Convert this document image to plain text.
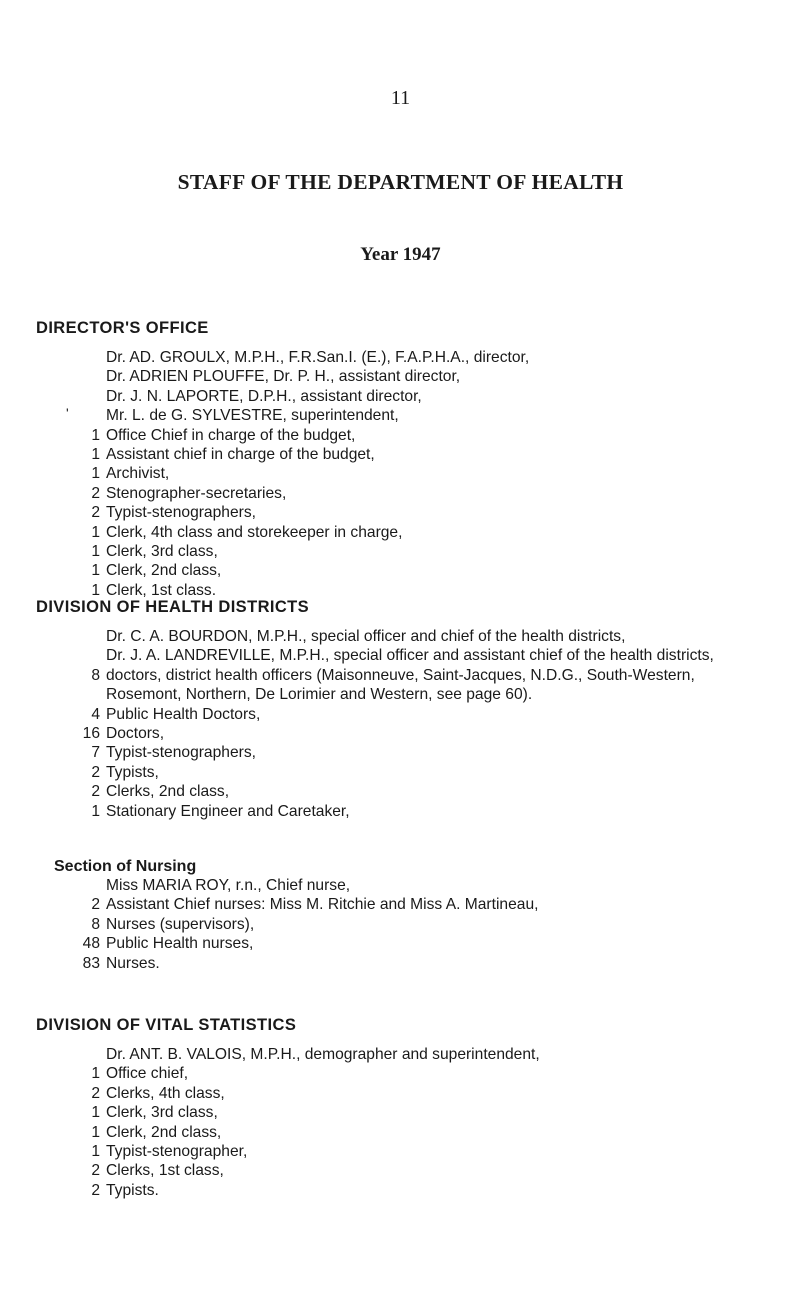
11
STAFF OF THE DEPARTMENT OF HEALTH
Year 1947
DIRECTOR'S OFFICE
Dr. AD. GROULX, M.P.H., F.R.San.I. (E.), F.A.P.H.A., director,
Dr. ADRIEN PLOUFFE, Dr. P. H., assistant director,
Dr. J. N. LAPORTE, D.P.H., assistant director,
' Mr. L. de G. SYLVESTRE, superintendent,
1 Office Chief in charge of the budget,
1 Assistant chief in charge of the budget,
1 Archivist,
2 Stenographer-secretaries,
2 Typist-stenographers,
1 Clerk, 4th class and storekeeper in charge,
1 Clerk, 3rd class,
1 Clerk, 2nd class,
1 Clerk, 1st class.
DIVISION OF HEALTH DISTRICTS
Dr. C. A. BOURDON, M.P.H., special officer and chief of the health districts,
Dr. J. A. LANDREVILLE, M.P.H., special officer and assistant chief of the health districts,
8 doctors, district health officers (Maisonneuve, Saint-Jacques, N.D.G., South-Western, Rosemont, Northern, De Lorimier and Western, see page 60).
4 Public Health Doctors,
16 Doctors,
7 Typist-stenographers,
2 Typists,
2 Clerks, 2nd class,
1 Stationary Engineer and Caretaker,
Section of Nursing
Miss MARIA ROY, r.n., Chief nurse,
2 Assistant Chief nurses: Miss M. Ritchie and Miss A. Martineau,
8 Nurses (supervisors),
48 Public Health nurses,
83 Nurses.
DIVISION OF VITAL STATISTICS
Dr. ANT. B. VALOIS, M.P.H., demographer and superintendent,
1 Office chief,
2 Clerks, 4th class,
1 Clerk, 3rd class,
1 Clerk, 2nd class,
1 Typist-stenographer,
2 Clerks, 1st class,
2 Typists.
